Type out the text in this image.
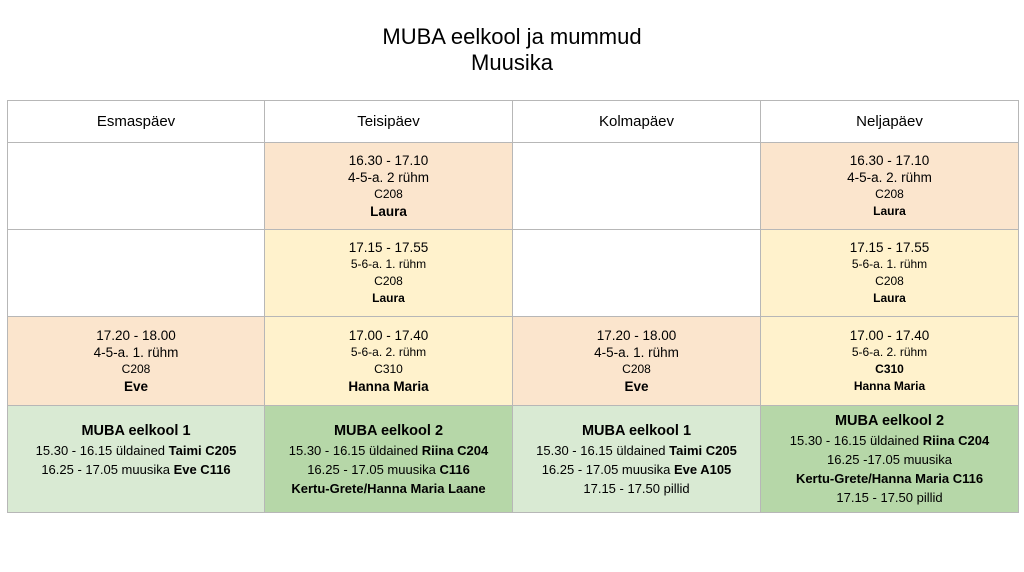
MUBA eelkool ja mummud
Muusika
Esmaspäev	Teisipäev	Kolmapäev	Neljapäev

	16.30 - 17.10
4-5-a. 2 rühm
C208
Laura		16.30 - 17.10
4-5-a. 2. rühm
C208
Laura

	17.15 - 17.55
5-6-a. 1. rühm
C208
Laura		17.15 - 17.55
5-6-a. 1. rühm
C208
Laura

17.20 - 18.00
4-5-a. 1. rühm
C208
Eve	17.00 - 17.40
5-6-a. 2. rühm
C310
Hanna Maria	17.20 - 18.00
4-5-a. 1. rühm
C208
Eve	17.00 - 17.40
5-6-a. 2. rühm
C310
Hanna Maria

MUBA eelkool 1
15.30 - 16.15 üldained Taimi C205
16.25 - 17.05 muusika Eve C116	MUBA eelkool 2
15.30 - 16.15 üldained Riina C204
16.25 - 17.05 muusika C116
Kertu-Grete/Hanna Maria Laane	MUBA eelkool 1
15.30 - 16.15 üldained Taimi C205
16.25 - 17.05 muusika Eve A105
17.15 - 17.50 pillid	MUBA eelkool 2
15.30 - 16.15 üldained Riina C204
16.25 -17.05 muusika
Kertu-Grete/Hanna Maria C116
17.15 - 17.50 pillid
